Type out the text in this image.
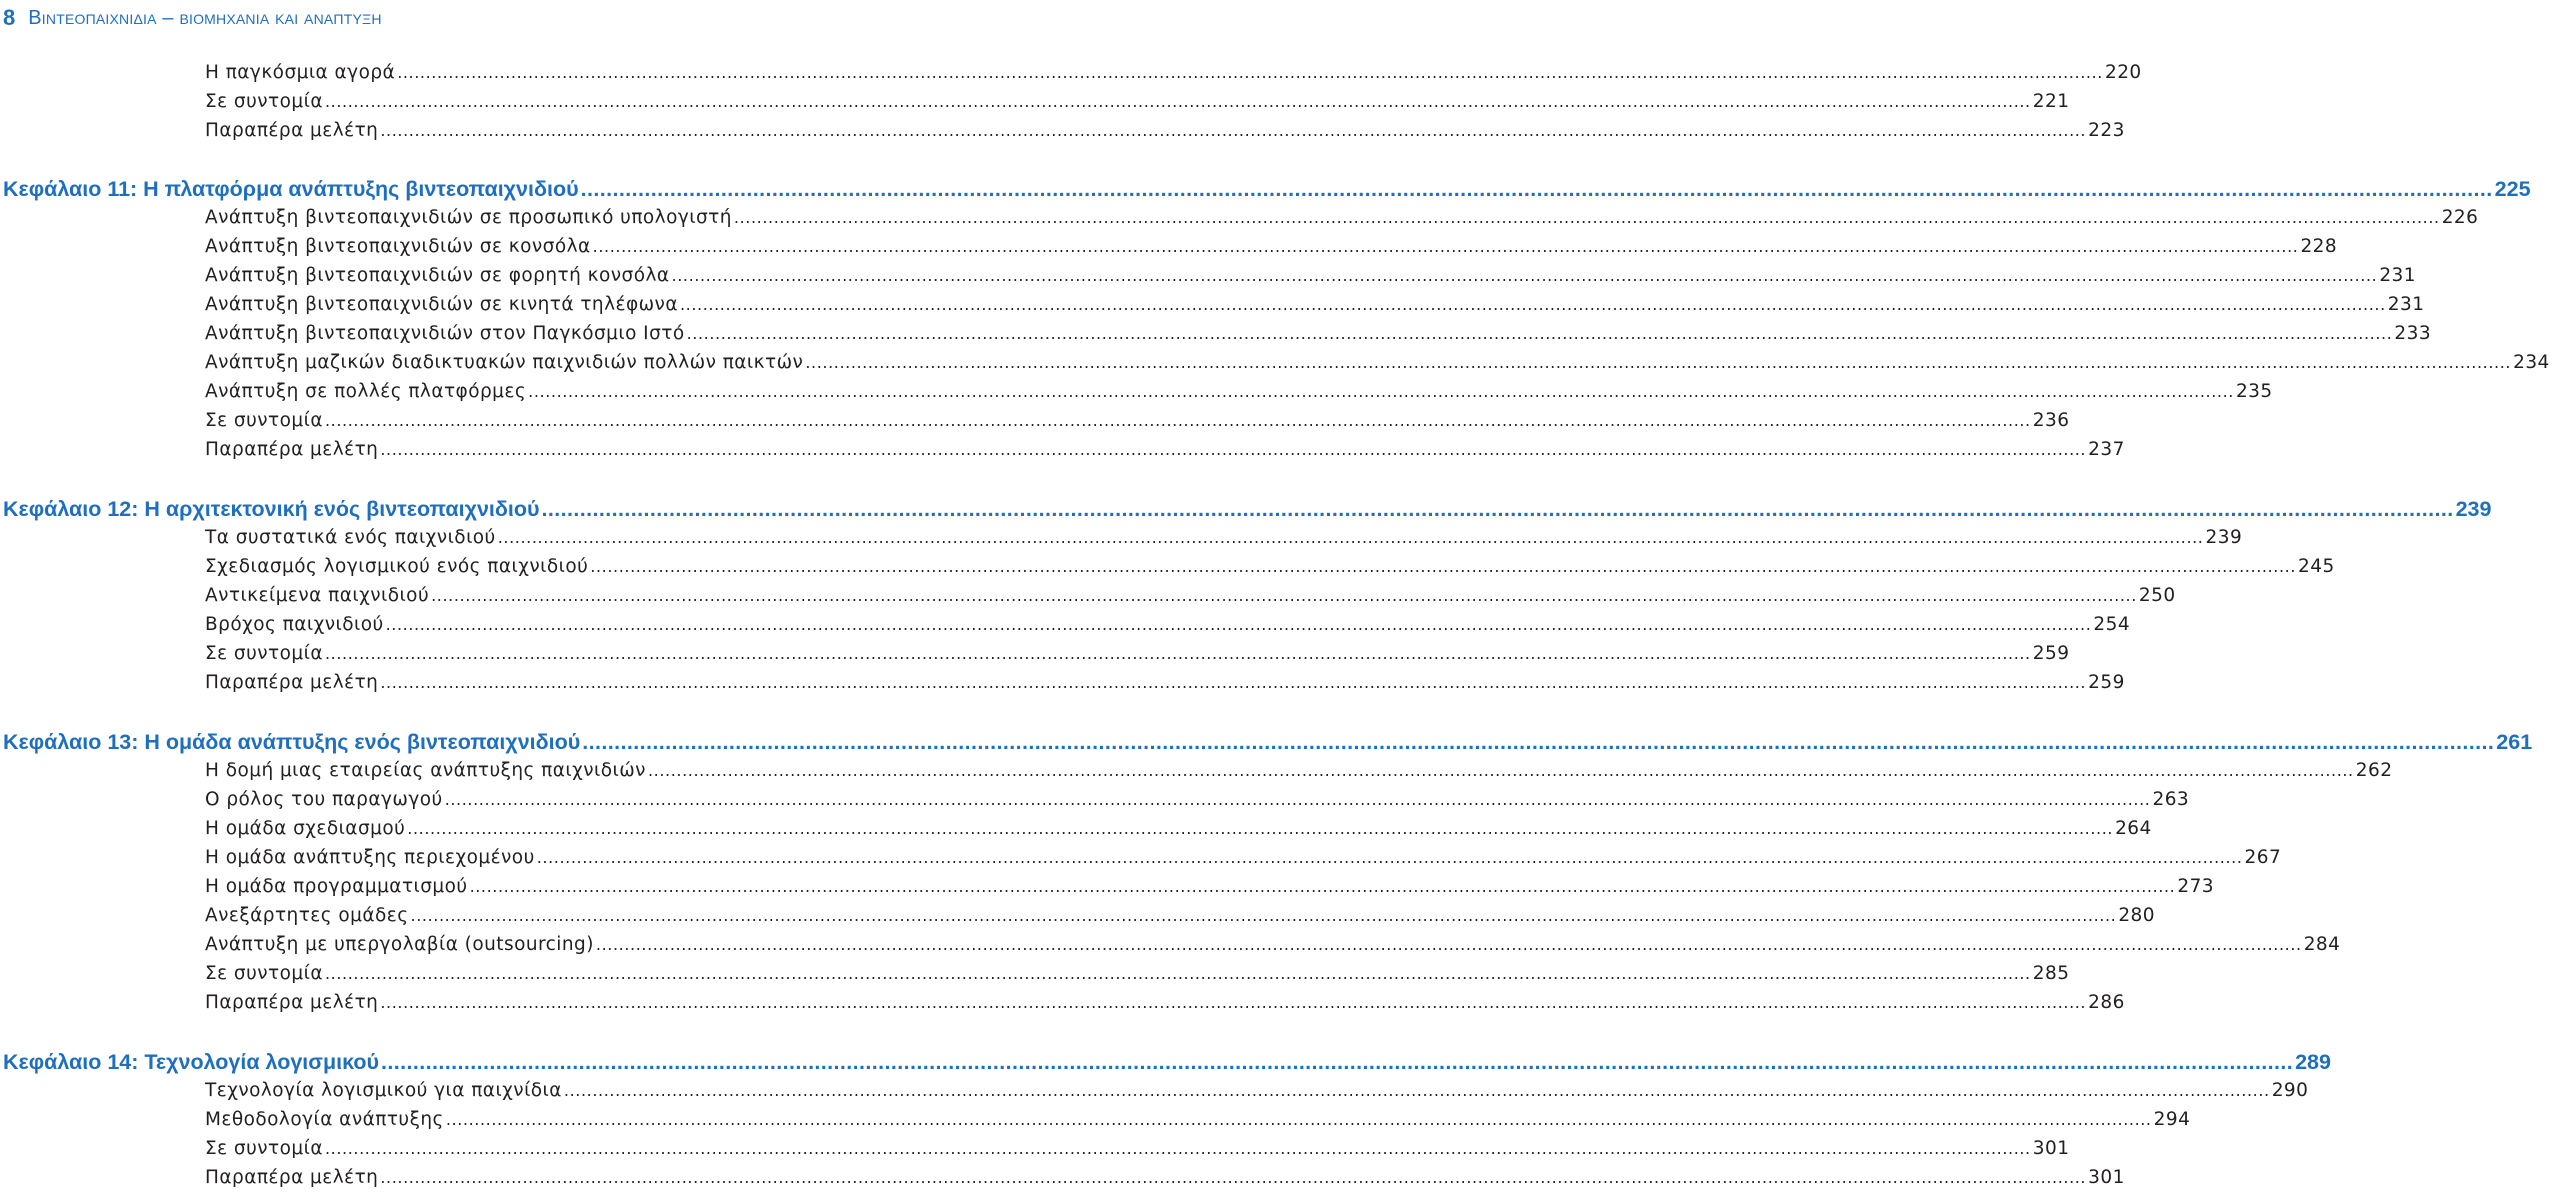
8 Βιντεοπαιχνιδια – βιομηχανια και αναπτυξη
Η παγκόσμια αγορά ............................................................................................................................................................................................................................................................................................................ 220
Σε συντομία ............................................................................................................................................................................................................................................................................................................ 221
Παραπέρα μελέτη ............................................................................................................................................................................................................................................................................................................ 223
Κεφάλαιο 11: Η πλατφόρμα ανάπτυξης βιντεοπαιχνιδιού ............................................................................................................................................................................................................................................................................................................ 225
Ανάπτυξη βιντεοπαιχνιδιών σε προσωπικό υπολογιστή ............................................................................................................................................................................................................................................................................................................ 226
Ανάπτυξη βιντεοπαιχνιδιών σε κονσόλα ............................................................................................................................................................................................................................................................................................................ 228
Ανάπτυξη βιντεοπαιχνιδιών σε φορητή κονσόλα ............................................................................................................................................................................................................................................................................................................ 231
Ανάπτυξη βιντεοπαιχνιδιών σε κινητά τηλέφωνα ............................................................................................................................................................................................................................................................................................................ 231
Ανάπτυξη βιντεοπαιχνιδιών στον Παγκόσμιο Ιστό ............................................................................................................................................................................................................................................................................................................ 233
Ανάπτυξη μαζικών διαδικτυακών παιχνιδιών πολλών παικτών ............................................................................................................................................................................................................................................................................................................ 234
Ανάπτυξη σε πολλές πλατφόρμες ............................................................................................................................................................................................................................................................................................................ 235
Σε συντομία ............................................................................................................................................................................................................................................................................................................ 236
Παραπέρα μελέτη ............................................................................................................................................................................................................................................................................................................ 237
Κεφάλαιο 12: Η αρχιτεκτονική ενός βιντεοπαιχνιδιού ............................................................................................................................................................................................................................................................................................................ 239
Τα συστατικά ενός παιχνιδιού ............................................................................................................................................................................................................................................................................................................ 239
Σχεδιασμός λογισμικού ενός παιχνιδιού ............................................................................................................................................................................................................................................................................................................ 245
Αντικείμενα παιχνιδιού ............................................................................................................................................................................................................................................................................................................ 250
Βρόχος παιχνιδιού ............................................................................................................................................................................................................................................................................................................ 254
Σε συντομία ............................................................................................................................................................................................................................................................................................................ 259
Παραπέρα μελέτη ............................................................................................................................................................................................................................................................................................................ 259
Κεφάλαιο 13: Η ομάδα ανάπτυξης ενός βιντεοπαιχνιδιού ............................................................................................................................................................................................................................................................................................................ 261
Η δομή μιας εταιρείας ανάπτυξης παιχνιδιών ............................................................................................................................................................................................................................................................................................................ 262
Ο ρόλος του παραγωγού ............................................................................................................................................................................................................................................................................................................ 263
Η ομάδα σχεδιασμού ............................................................................................................................................................................................................................................................................................................ 264
Η ομάδα ανάπτυξης περιεχομένου ............................................................................................................................................................................................................................................................................................................ 267
Η ομάδα προγραμματισμού ............................................................................................................................................................................................................................................................................................................ 273
Ανεξάρτητες ομάδες ............................................................................................................................................................................................................................................................................................................ 280
Ανάπτυξη με υπεργολαβία (outsourcing) ............................................................................................................................................................................................................................................................................................................ 284
Σε συντομία ............................................................................................................................................................................................................................................................................................................ 285
Παραπέρα μελέτη ............................................................................................................................................................................................................................................................................................................ 286
Κεφάλαιο 14: Τεχνολογία λογισμικού ............................................................................................................................................................................................................................................................................................................ 289
Τεχνολογία λογισμικού για παιχνίδια ............................................................................................................................................................................................................................................................................................................ 290
Μεθοδολογία ανάπτυξης ............................................................................................................................................................................................................................................................................................................ 294
Σε συντομία ............................................................................................................................................................................................................................................................................................................ 301
Παραπέρα μελέτη ............................................................................................................................................................................................................................................................................................................ 301
